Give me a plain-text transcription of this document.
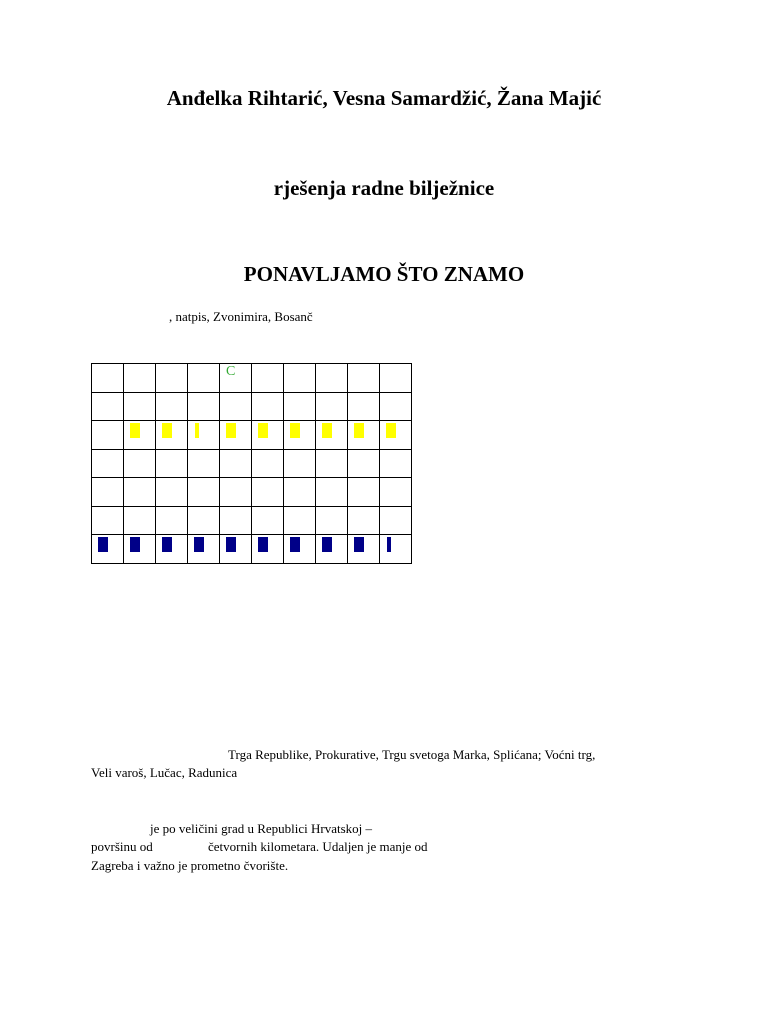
Anđelka Rihtarić, Vesna Samardžić, Žana Majić
rješenja radne bilježnice
PONAVLJAMO ŠTO ZNAMO

, natpis, Zvonimira, Bosanč

				C					

Trga Republike, Prokurative, Trgu svetoga Marka, Splićana; Voćni trg,

Veli varoš, Lučac, Radunica

je po veličini grad u Republici Hrvatskoj –

površinu od	četvornih kilometara. Udaljen je manje od

Zagreba i važno je prometno čvorište.
